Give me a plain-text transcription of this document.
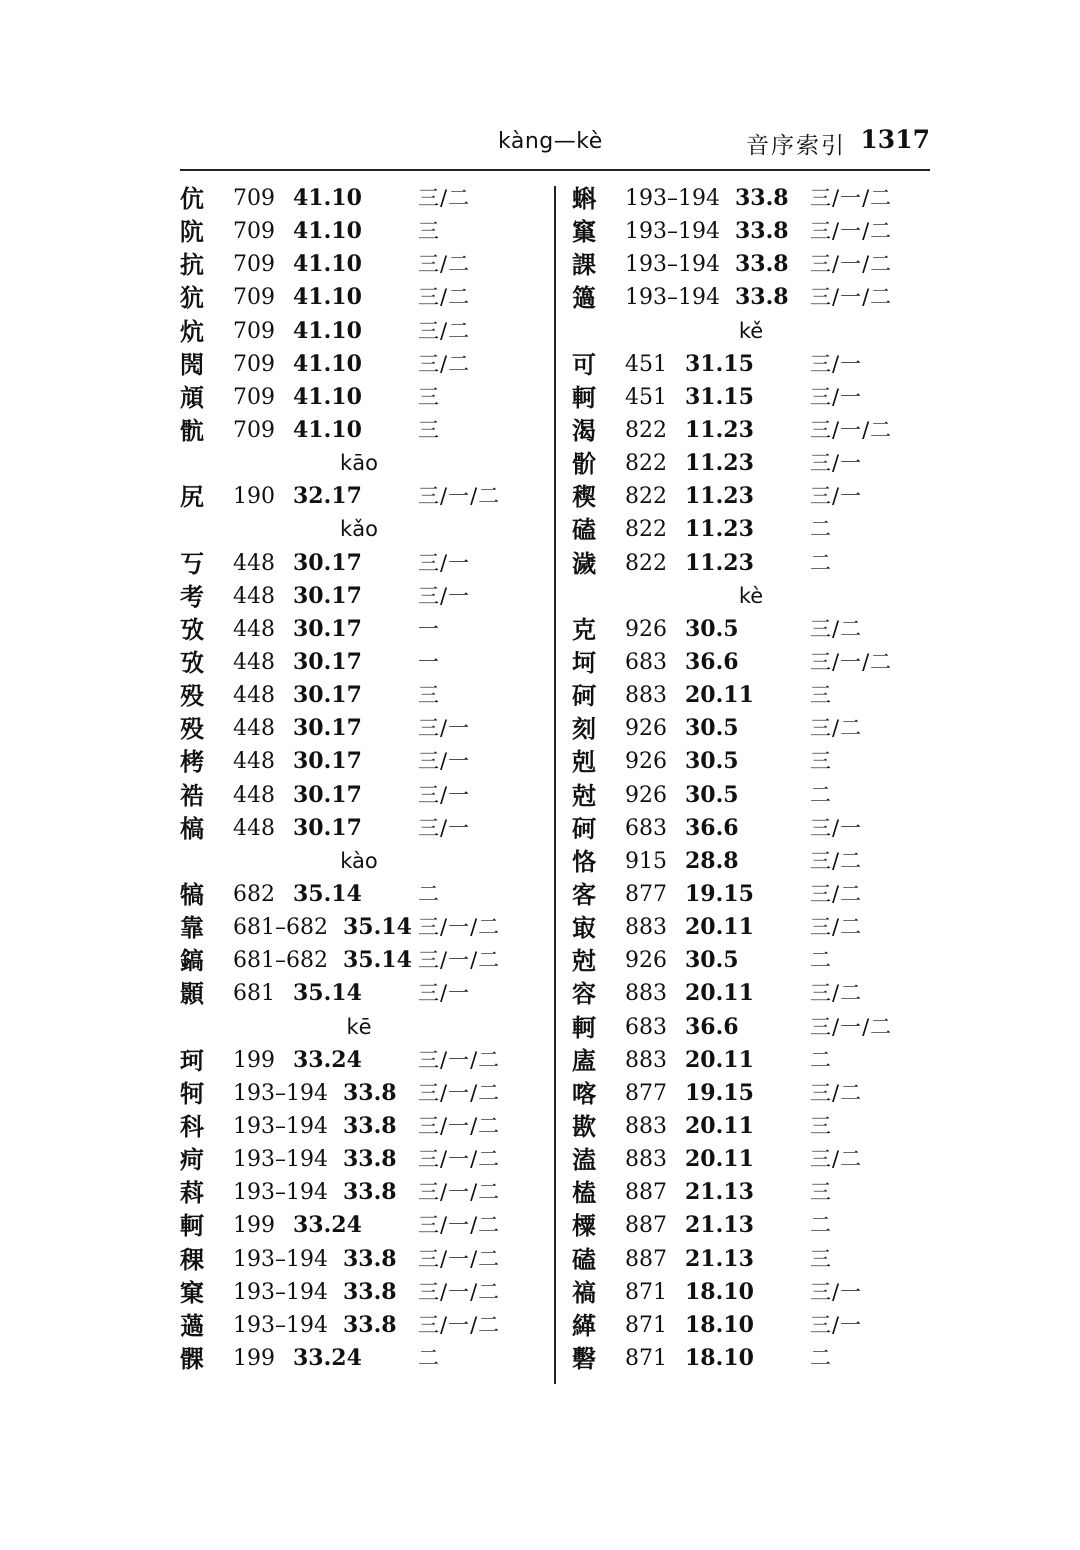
kàng—kè	音序索引 1317
伉 709 41.10	三/二
阬 709 41.10	三
抗 709 41.10	三/二
犺 709 41.10	三/二
炕 709 41.10	三/二
閌 709 41.10	三/二
頏 709 41.10	三
骯 709 41.10	三
kāo
尻 190 32.17	三/一/二
kǎo
丂 448 30.17	三/一
考 448 30.17	三/一
攷 448 30.17	一
攷 448 30.17	一
殁 448 30.17	三
殁 448 30.17	三/一
栲 448 30.17	三/一
祰 448 30.17	三/一
槁 448 30.17	三/一
kào
犒 682 35.14	二
靠 681–682 35.14 三/一/二
鎬 681–682 35.14 三/一/二
顥 681 35.14	三/一
kē
珂 199 33.24	三/一/二
牱 193–194 33.8 三/一/二
科 193–194 33.8 三/一/二
疴 193–194 33.8 三/一/二
萪 193–194 33.8 三/一/二
軻 199 33.24	三/一/二
稞 193–194 33.8 三/一/二
窠 193–194 33.8 三/一/二
薖 193–194 33.8 三/一/二
髁 199 33.24	二
蝌 193–194 33.8 三/一/二
窼 193–194 33.8 三/一/二
課 193–194 33.8 三/一/二
簻 193–194 33.8 三/一/二
kě
可 451 31.15	三/一
軻 451 31.15	三/一
渴 822 11.23	三/一/二
骱 822 11.23	三/一
稧 822 11.23	三/一
磕 822 11.23	二
濊 822 11.23	二
kè
克 926 30.5	三/二
坷 683 36.6	三/一/二
砢 883 20.11	三
刻 926 30.5	三/二
剋 926 30.5	三
尅 926 30.5	二
砢 683 36.6	三/一
恪 915 28.8	三/二
客 877 19.15	三/二
㝡 883 20.11	三/二
尅 926 30.5	二
容 883 20.11	三/二
軻 683 36.6	三/一/二
廅 883 20.11	二
喀 877 19.15	三/二
歁 883 20.11	三
溘 883 20.11	三/二
榼 887 21.13	三
㯨 887 21.13	二
磕 887 21.13	三
禞 871 18.10	三/一
緙 871 18.10	三/一
礊 871 18.10	二
